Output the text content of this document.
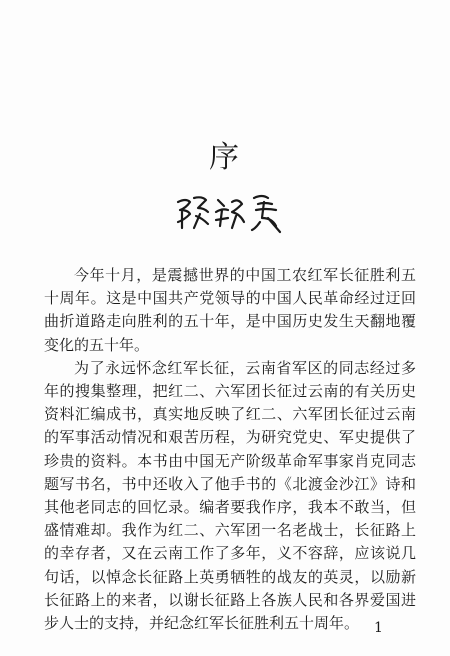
序

今年十月，是震撼世界的中国工农红军长征胜利五十周年。这是中国共产党领导的中国人民革命经过迂回曲折道路走向胜利的五十年，是中国历史发生天翻地覆变化的五十年。

为了永远怀念红军长征，云南省军区的同志经过多年的搜集整理，把红二、六军团长征过云南的有关历史资料汇编成书，真实地反映了红二、六军团长征过云南的军事活动情况和艰苦历程，为研究党史、军史提供了珍贵的资料。本书由中国无产阶级革命军事家肖克同志题写书名，书中还收入了他手书的《北渡金沙江》诗和其他老同志的回忆录。编者要我作序，我本不敢当，但盛情难却。我作为红二、六军团一名老战士，长征路上的幸存者，又在云南工作了多年，义不容辞，应该说几句话，以悼念长征路上英勇牺牲的战友的英灵，以励新长征路上的来者，以谢长征路上各族人民和各界爱国进步人士的支持，并纪念红军长征胜利五十周年。	1
